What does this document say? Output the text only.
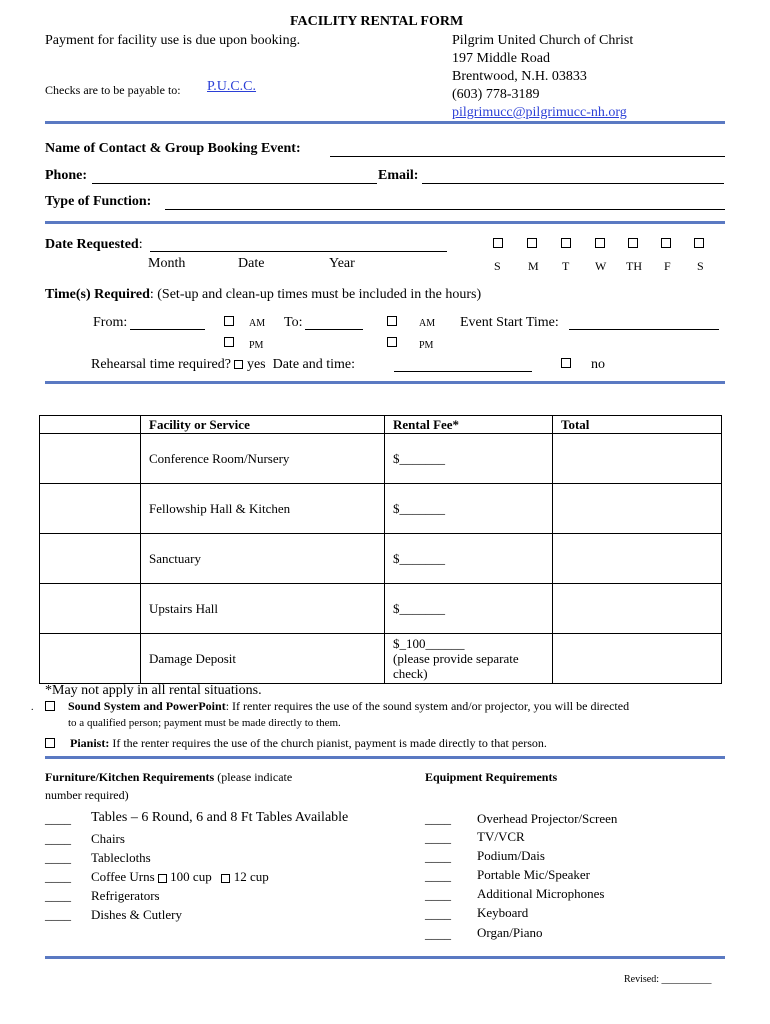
FACILITY RENTAL FORM
Payment for facility use is due upon booking.
Checks are to be payable to: P.U.C.C.
Pilgrim United Church of Christ
197 Middle Road
Brentwood, N.H. 03833
(603) 778-3189
pilgrimucc@pilgrimucc-nh.org
Name of Contact & Group Booking Event:
Phone:	Email:
Type of Function:
Date Requested:
Month	Date	Year	S M T W TH F S
Time(s) Required: (Set-up and clean-up times must be included in the hours)
From:	AM
PM
To:	AM
PM
Event Start Time:
Rehearsal time required? yes Date and time:	no
	Facility or Service	Rental Fee*	Total
	Conference Room/Nursery	$_______	
	Fellowship Hall & Kitchen	$_______	
	Sanctuary	$_______	
	Upstairs Hall	$_______	
	Damage Deposit	$_100______
(please provide separate
check)	

*May not apply in all rental situations.
.	Sound System and PowerPoint: If renter requires the use of the sound system and/or projector, you will be directed
to a qualified person; payment must be made directly to them.
Pianist: If the renter requires the use of the church pianist, payment is made directly to that person.
Furniture/Kitchen Requirements (please indicate
number required)
____ Tables – 6 Round, 6 and 8 Ft Tables Available
____ Chairs
____ Tablecloths
____ Coffee Urns 100 cup 12 cup
____ Refrigerators
____ Dishes & Cutlery
Equipment Requirements
____ Overhead Projector/Screen
____ TV/VCR
____ Podium/Dais
____ Portable Mic/Speaker
____ Additional Microphones
____ Keyboard
____ Organ/Piano
Revised: __________
